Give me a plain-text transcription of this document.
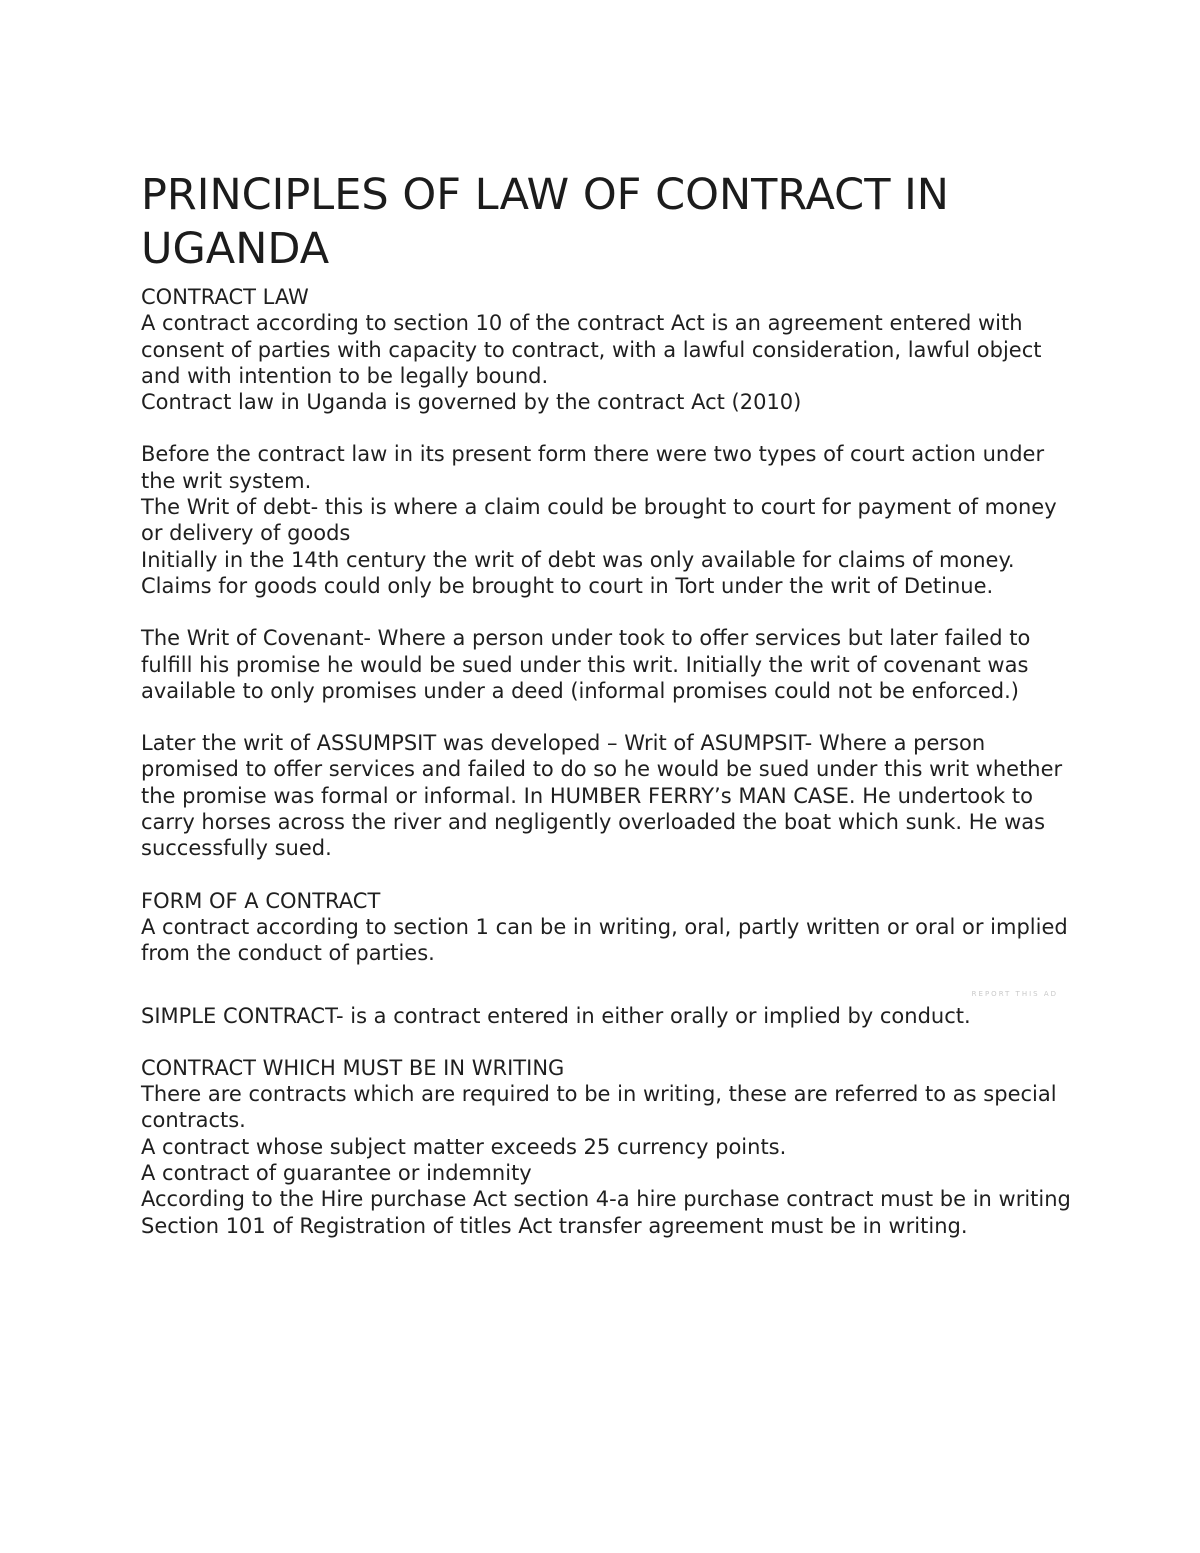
PRINCIPLES OF LAW OF CONTRACT IN UGANDA

CONTRACT LAW

A contract according to section 10 of the contract Act is an agreement entered with consent of parties with capacity to contract, with a lawful consideration, lawful object and with intention to be legally bound.

Contract law in Uganda is governed by the contract Act (2010)

Before the contract law in its present form there were two types of court action under the writ system.

The Writ of debt- this is where a claim could be brought to court for payment of money or delivery of goods

Initially in the 14th century the writ of debt was only available for claims of money. Claims for goods could only be brought to court in Tort under the writ of Detinue.

The Writ of Covenant- Where a person under took to offer services but later failed to fulfill his promise he would be sued under this writ. Initially the writ of covenant was available to only promises under a deed (informal promises could not be enforced.)

Later the writ of ASSUMPSIT was developed – Writ of ASUMPSIT- Where a person promised to offer services and failed to do so he would be sued under this writ whether the promise was formal or informal. In HUMBER FERRY’s MAN CASE. He undertook to carry horses across the river and negligently overloaded the boat which sunk. He was successfully sued.

FORM OF A CONTRACT

A contract according to section 1 can be in writing, oral, partly written or oral or implied from the conduct of parties.

REPORT THIS AD

SIMPLE CONTRACT- is a contract entered in either orally or implied by conduct.

CONTRACT WHICH MUST BE IN WRITING

There are contracts which are required to be in writing, these are referred to as special contracts.

A contract whose subject matter exceeds 25 currency points.

A contract of guarantee or indemnity

According to the Hire purchase Act section 4-a hire purchase contract must be in writing

Section 101 of Registration of titles Act transfer agreement must be in writing.
